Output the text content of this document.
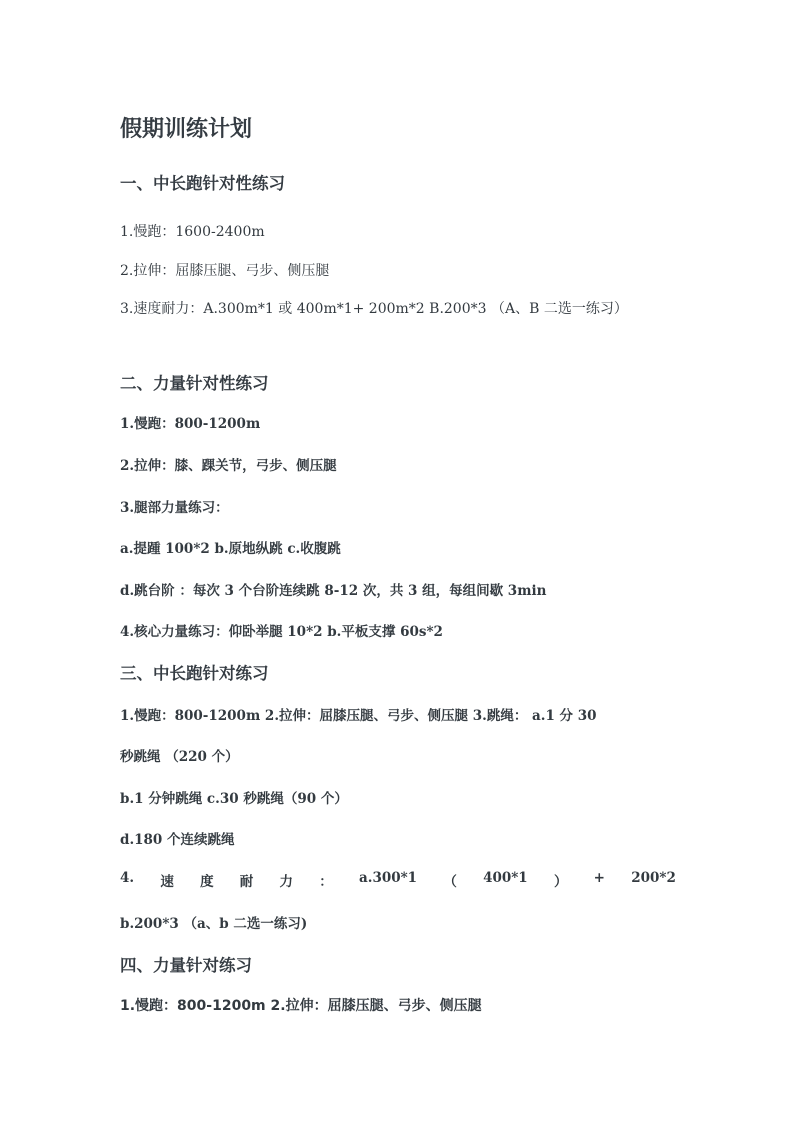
假期训练计划
一、中长跑针对性练习

1.慢跑：1600-2400m

2.拉伸：屈膝压腿、弓步、侧压腿

3.速度耐力：A.300m*1 或 400m*1+ 200m*2 B.200*3 （A、B 二选一练习）

二、力量针对性练习

1.慢跑：800-1200m

2.拉伸：膝、踝关节，弓步、侧压腿

3.腿部力量练习：

a.提踵 100*2 b.原地纵跳 c.收腹跳

d.跳台阶 ：每次 3 个台阶连续跳 8-12 次，共 3 组，每组间歇 3min

4.核心力量练习：仰卧举腿 10*2 b.平板支撑 60s*2

三、中长跑针对练习

1.慢跑：800-1200m 2.拉伸：屈膝压腿、弓步、侧压腿 3.跳绳： a.1 分 30

秒跳绳 （220 个）

b.1 分钟跳绳 c.30 秒跳绳（90 个）

d.180 个连续跳绳

4. 速 度 耐 力 ： a.300*1 （ 400*1 ） + 200*2

b.200*3 （a、b 二选一练习)

四、力量针对练习

1.慢跑：800-1200m 2.拉伸：屈膝压腿、弓步、侧压腿
